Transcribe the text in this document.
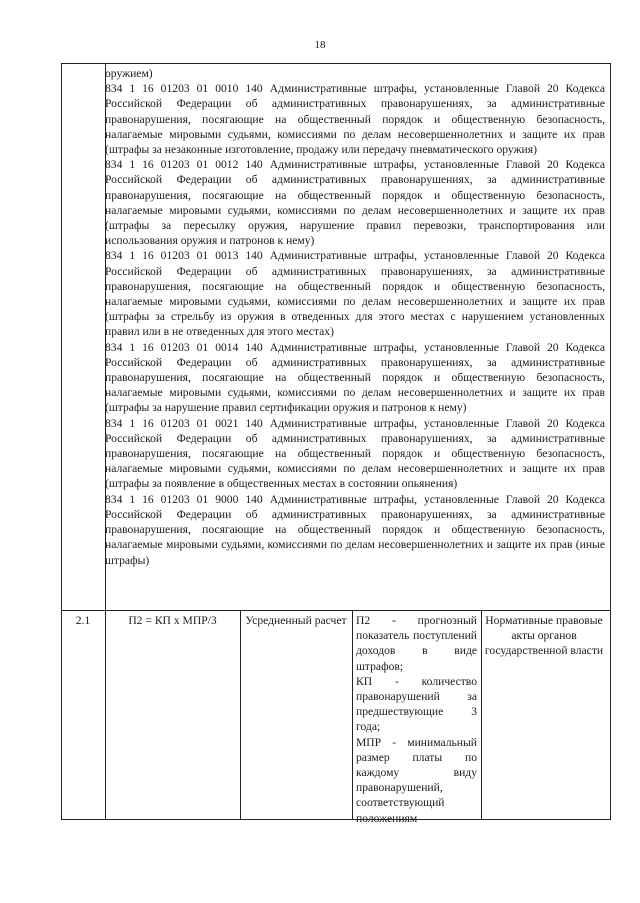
18
оружием)
834 1 16 01203 01 0010 140 Административные штрафы, установленные Главой 20 Кодекса Российской Федерации об административных правонарушениях, за административные правонарушения, посягающие на общественный порядок и общественную безопасность, налагаемые мировыми судьями, комиссиями по делам несовершеннолетних и защите их прав (штрафы за незаконные изготовление, продажу или передачу пневматического оружия)
834 1 16 01203 01 0012 140 Административные штрафы, установленные Главой 20 Кодекса Российской Федерации об административных правонарушениях, за административные правонарушения, посягающие на общественный порядок и общественную безопасность, налагаемые мировыми судьями, комиссиями по делам несовершеннолетних и защите их прав (штрафы за пересылку оружия, нарушение правил перевозки, транспортирования или использования оружия и патронов к нему)
834 1 16 01203 01 0013 140 Административные штрафы, установленные Главой 20 Кодекса Российской Федерации об административных правонарушениях, за административные правонарушения, посягающие на общественный порядок и общественную безопасность, налагаемые мировыми судьями, комиссиями по делам несовершеннолетних и защите их прав (штрафы за стрельбу из оружия в отведенных для этого местах с нарушением установленных правил или в не отведенных для этого местах)
834 1 16 01203 01 0014 140 Административные штрафы, установленные Главой 20 Кодекса Российской Федерации об административных правонарушениях, за административные правонарушения, посягающие на общественный порядок и общественную безопасность, налагаемые мировыми судьями, комиссиями по делам несовершеннолетних и защите их прав (штрафы за нарушение правил сертификации оружия и патронов к нему)
834 1 16 01203 01 0021 140 Административные штрафы, установленные Главой 20 Кодекса Российской Федерации об административных правонарушениях, за административные правонарушения, посягающие на общественный порядок и общественную безопасность, налагаемые мировыми судьями, комиссиями по делам несовершеннолетних и защите их прав (штрафы за появление в общественных местах в состоянии опьянения)
834 1 16 01203 01 9000 140 Административные штрафы, установленные Главой 20 Кодекса Российской Федерации об административных правонарушениях, за административные правонарушения, посягающие на общественный порядок и общественную безопасность, налагаемые мировыми судьями, комиссиями по делам несовершеннолетних и защите их прав (иные штрафы)
2.1	П2 = КП х МПР/3	Усредненный расчет П2 - прогнозный показатель поступлений доходов в виде штрафов;

КП - количество правонарушений за предшествующие 3 года;

МПР - минимальный размер платы по каждому виду правонарушений, соответствующий положениям

Нормативные правовые акты органов государственной власти
